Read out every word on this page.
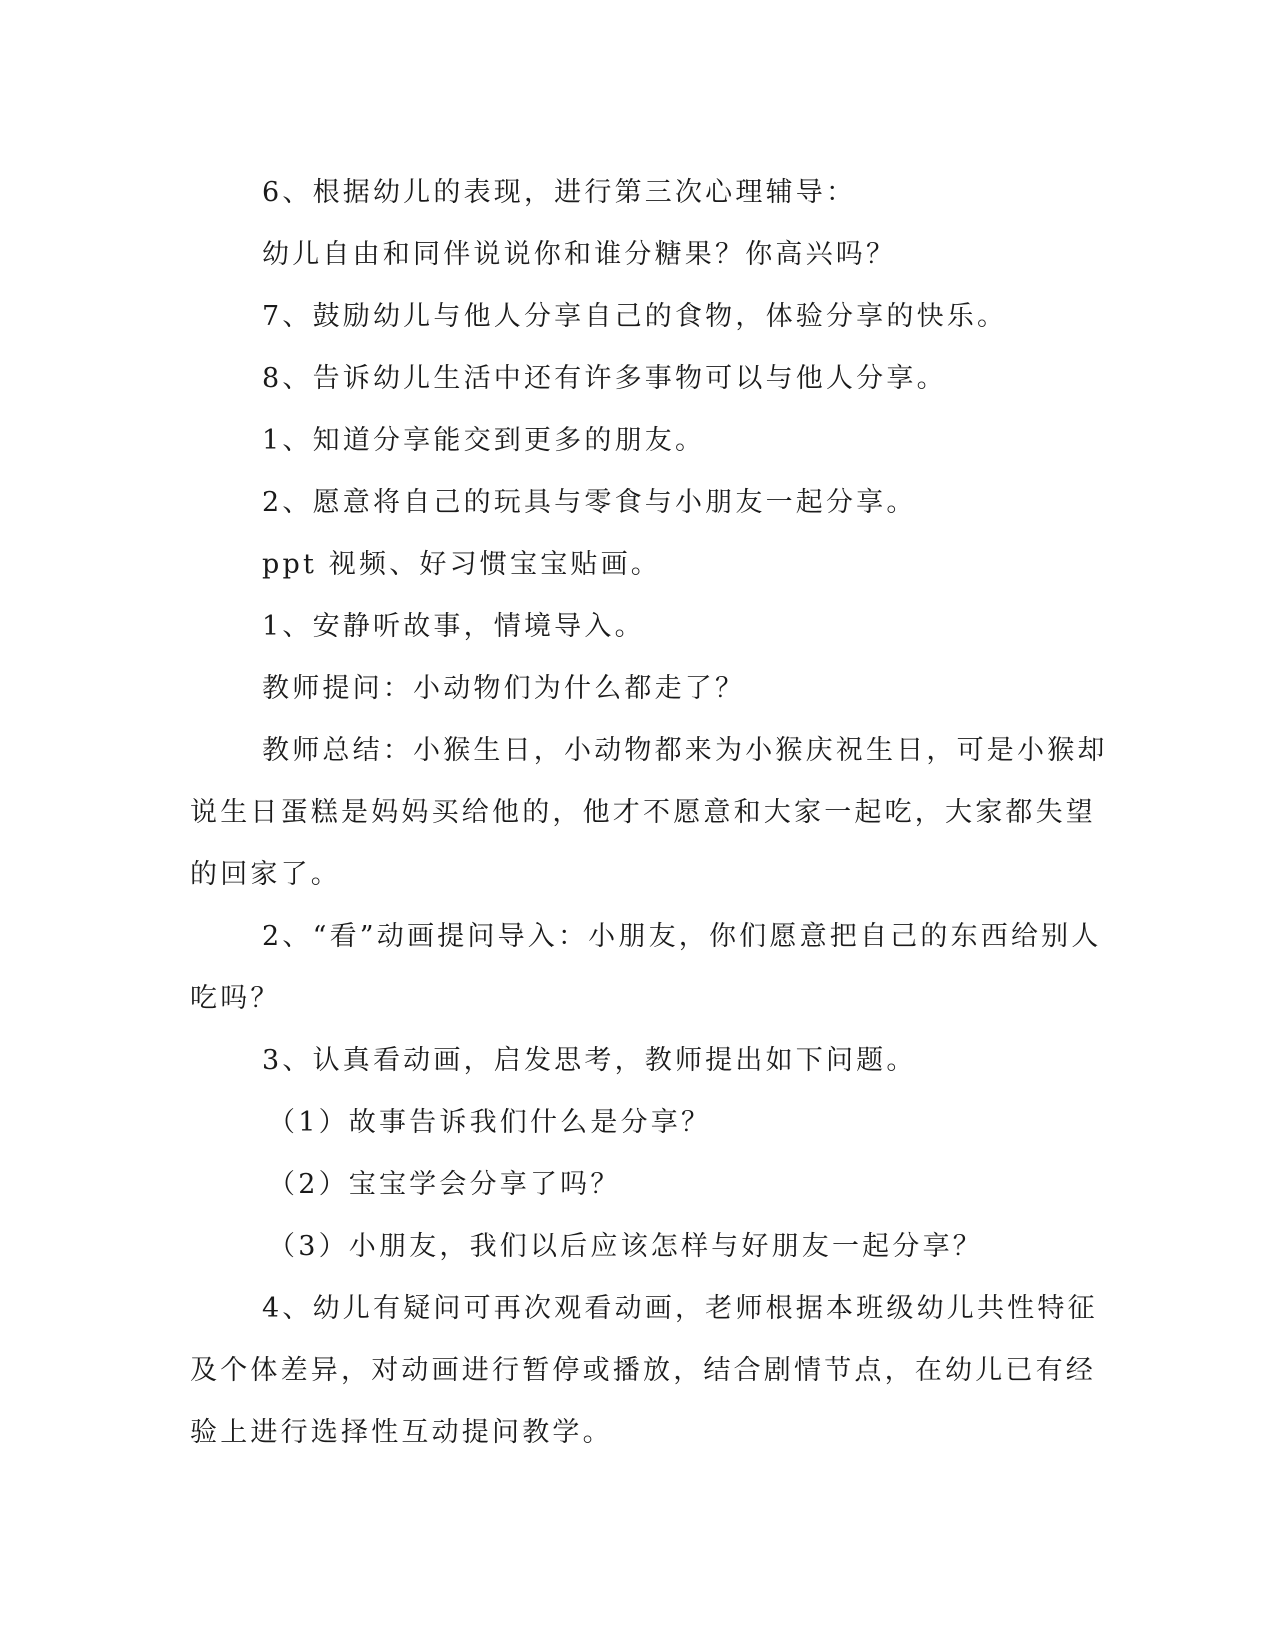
6、根据幼儿的表现，进行第三次心理辅导：

幼儿自由和同伴说说你和谁分糖果？你高兴吗？

7、鼓励幼儿与他人分享自己的食物，体验分享的快乐。

8、告诉幼儿生活中还有许多事物可以与他人分享。

1、知道分享能交到更多的朋友。

2、愿意将自己的玩具与零食与小朋友一起分享。

ppt 视频、好习惯宝宝贴画。

1、安静听故事，情境导入。

教师提问：小动物们为什么都走了？

教师总结：小猴生日，小动物都来为小猴庆祝生日，可是小猴却

说生日蛋糕是妈妈买给他的，他才不愿意和大家一起吃，大家都失望

的回家了。

2、“看”动画提问导入：小朋友，你们愿意把自己的东西给别人

吃吗？

3、认真看动画，启发思考，教师提出如下问题。

（1）故事告诉我们什么是分享？

（2）宝宝学会分享了吗？

（3）小朋友，我们以后应该怎样与好朋友一起分享？

4、幼儿有疑问可再次观看动画，老师根据本班级幼儿共性特征

及个体差异，对动画进行暂停或播放，结合剧情节点，在幼儿已有经

验上进行选择性互动提问教学。
